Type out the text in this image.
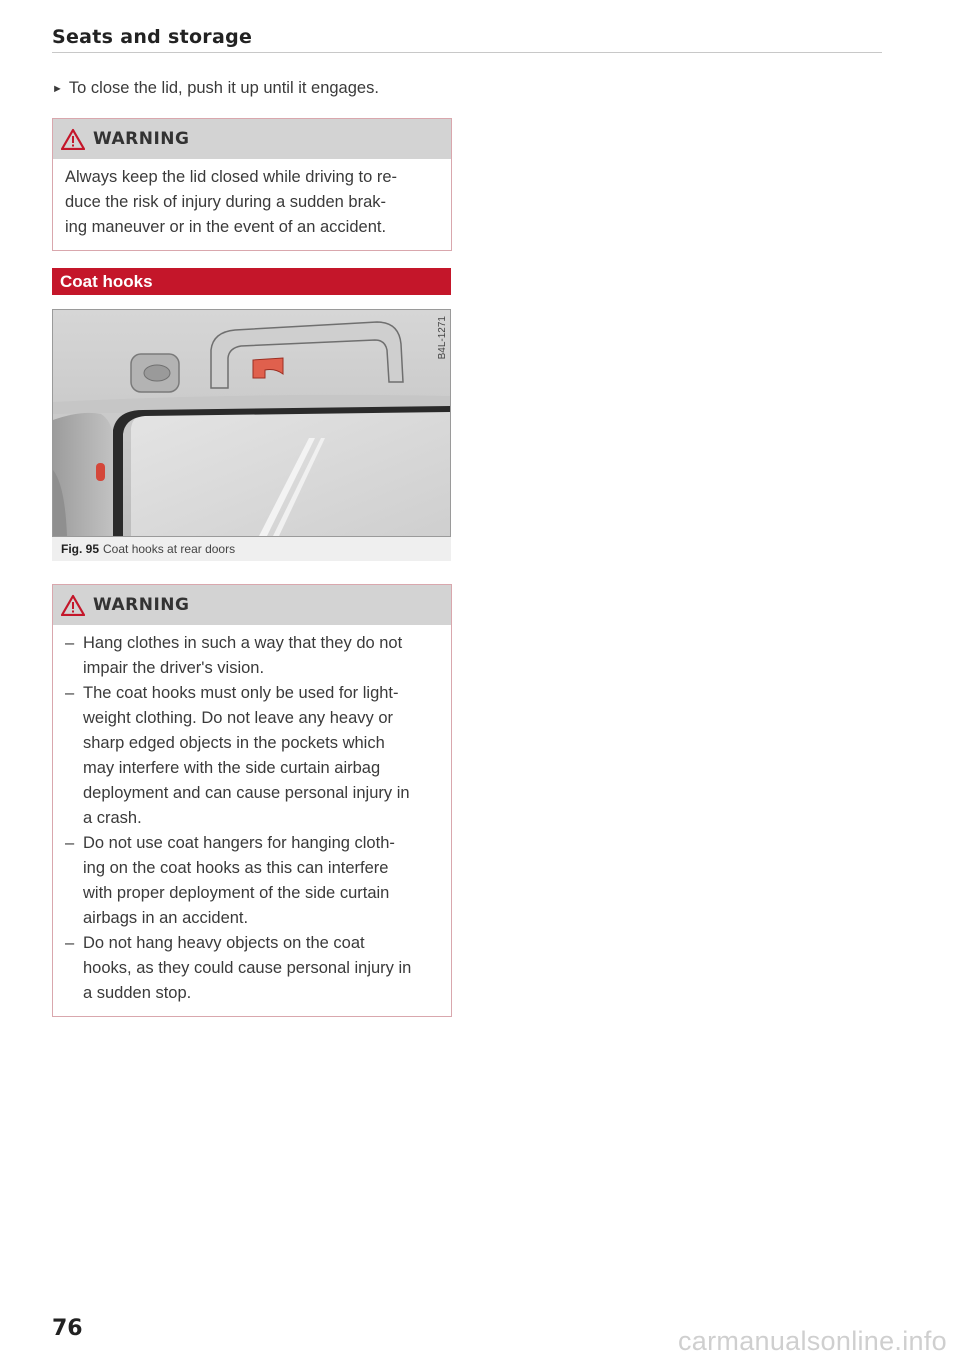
Seats and storage
► To close the lid, push it up until it engages.
WARNING

Always keep the lid closed while driving to re-

duce the risk of injury during a sudden brak-

ing maneuver or in the event of an accident.

Coat hooks
B4L-1271
Fig. 95 Coat hooks at rear doors
WARNING
– Hang clothes in such a way that they do not
impair the driver's vision.
– The coat hooks must only be used for light-
weight clothing. Do not leave any heavy or
sharp edged objects in the pockets which
may interfere with the side curtain airbag
deployment and can cause personal injury in
a crash.
– Do not use coat hangers for hanging cloth-
ing on the coat hooks as this can interfere
with proper deployment of the side curtain
airbags in an accident.
– Do not hang heavy objects on the coat
hooks, as they could cause personal injury in
a sudden stop.
76	carmanualsonline.info
